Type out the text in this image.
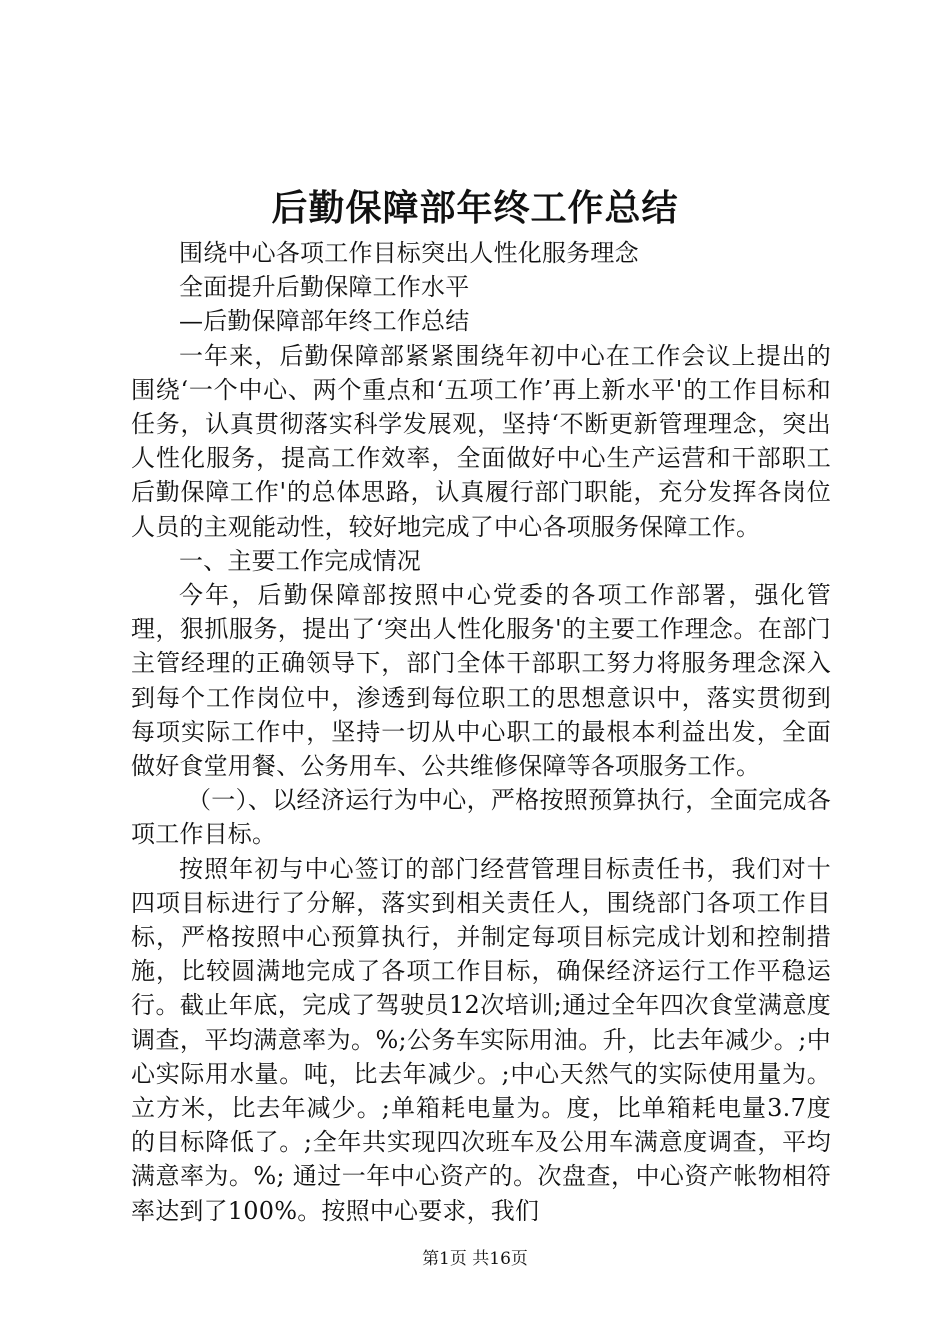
后勤保障部年终工作总结

围绕中心各项工作目标突出人性化服务理念

全面提升后勤保障工作水平

—后勤保障部年终工作总结

一年来，后勤保障部紧紧围绕年初中心在工作会议上提出的围绕‘一个中心、两个重点和‘五项工作’再上新水平'的工作目标和任务，认真贯彻落实科学发展观，坚持‘不断更新管理理念，突出人性化服务，提高工作效率，全面做好中心生产运营和干部职工后勤保障工作'的总体思路，认真履行部门职能，充分发挥各岗位人员的主观能动性，较好地完成了中心各项服务保障工作。

一、主要工作完成情况

今年，后勤保障部按照中心党委的各项工作部署，强化管理，狠抓服务，提出了‘突出人性化服务'的主要工作理念。在部门主管经理的正确领导下，部门全体干部职工努力将服务理念深入到每个工作岗位中，渗透到每位职工的思想意识中，落实贯彻到每项实际工作中，坚持一切从中心职工的最根本利益出发，全面做好食堂用餐、公务用车、公共维修保障等各项服务工作。

（一）、以经济运行为中心，严格按照预算执行，全面完成各项工作目标。

按照年初与中心签订的部门经营管理目标责任书，我们对十四项目标进行了分解，落实到相关责任人，围绕部门各项工作目标，严格按照中心预算执行，并制定每项目标完成计划和控制措施，比较圆满地完成了各项工作目标，确保经济运行工作平稳运行。截止年底，完成了驾驶员12次培训;通过全年四次食堂满意度调查，平均满意率为。%;公务车实际用油。升，比去年减少。;中心实际用水量。吨，比去年减少。;中心天然气的实际使用量为。立方米，比去年减少。;单箱耗电量为。度，比单箱耗电量3.7度的目标降低了。;全年共实现四次班车及公用车满意度调查，平均满意率为。%; 通过一年中心资产的。次盘查，中心资产帐物相符率达到了100%。按照中心要求，我们

第1页 共16页
